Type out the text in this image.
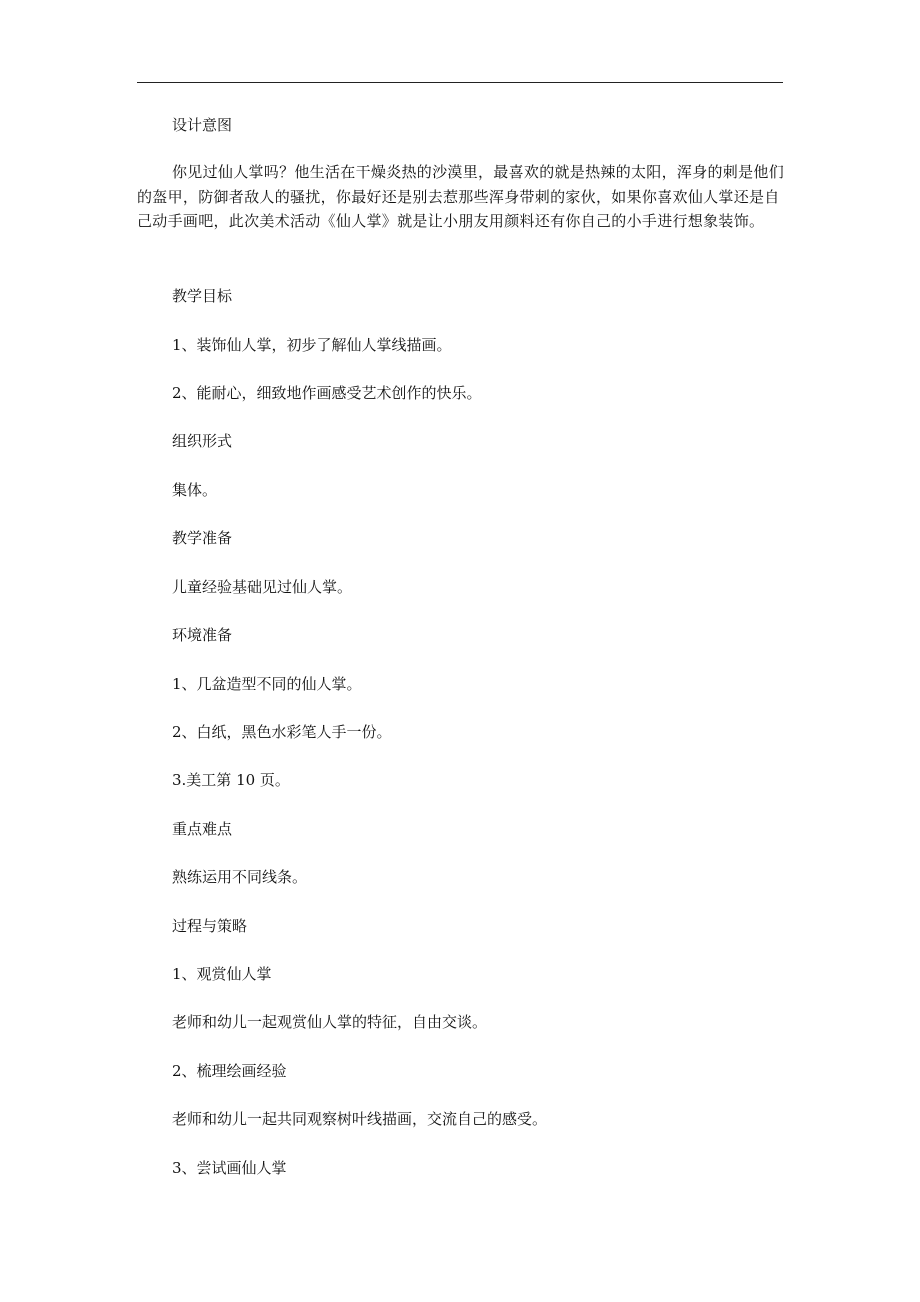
设计意图
你见过仙人掌吗？他生活在干燥炎热的沙漠里，最喜欢的就是热辣的太阳，浑身的刺是他们的盔甲，防御者敌人的骚扰，你最好还是别去惹那些浑身带刺的家伙，如果你喜欢仙人掌还是自己动手画吧，此次美术活动《仙人掌》就是让小朋友用颜料还有你自己的小手进行想象装饰。
教学目标
1、装饰仙人掌，初步了解仙人掌线描画。
2、能耐心，细致地作画感受艺术创作的快乐。
组织形式
集体。
教学准备
儿童经验基础见过仙人掌。
环境准备
1、几盆造型不同的仙人掌。
2、白纸，黑色水彩笔人手一份。
3.美工第 10 页。
重点难点
熟练运用不同线条。
过程与策略
1、观赏仙人掌
老师和幼儿一起观赏仙人掌的特征，自由交谈。
2、梳理绘画经验
老师和幼儿一起共同观察树叶线描画，交流自己的感受。
3、尝试画仙人掌
